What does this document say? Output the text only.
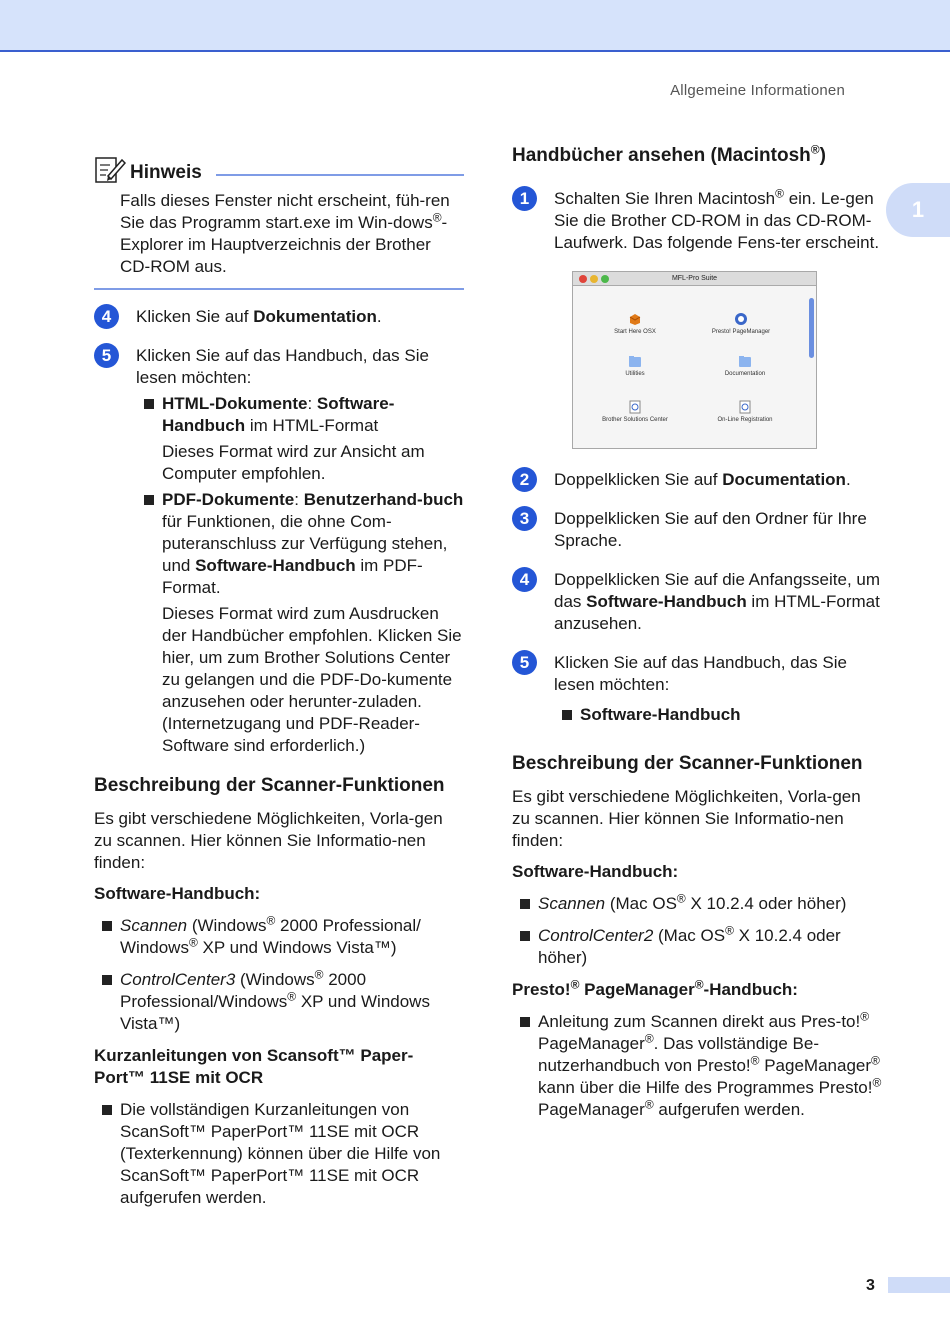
Allgemeine Informationen
1
Hinweis
Falls dieses Fenster nicht erscheint, füh-ren Sie das Programm start.exe im Win-dows®-Explorer im Hauptverzeichnis der Brother CD-ROM aus.
4	Klicken Sie auf Dokumentation.
5	Klicken Sie auf das Handbuch, das Sie lesen möchten:
HTML-Dokumente: Software-Handbuch im HTML-Format
Dieses Format wird zur Ansicht am Computer empfohlen.
PDF-Dokumente: Benutzerhand-buch für Funktionen, die ohne Com-puteranschluss zur Verfügung stehen, und Software-Handbuch im PDF-Format.
Dieses Format wird zum Ausdrucken der Handbücher empfohlen. Klicken Sie hier, um zum Brother Solutions Center zu gelangen und die PDF-Do-kumente anzusehen oder herunter-zuladen. (Internetzugang und PDF-Reader-Software sind erforderlich.)
Beschreibung der Scanner-Funktionen
Es gibt verschiedene Möglichkeiten, Vorla-gen zu scannen. Hier können Sie Informatio-nen finden:
Software-Handbuch:
Scannen (Windows® 2000 Professional/ Windows® XP und Windows Vista™)
ControlCenter3 (Windows® 2000 Professional/Windows® XP und Windows Vista™)
Kurzanleitungen von Scansoft™ Paper-Port™ 11SE mit OCR
Die vollständigen Kurzanleitungen von ScanSoft™ PaperPort™ 11SE mit OCR (Texterkennung) können über die Hilfe von ScanSoft™ PaperPort™ 11SE mit OCR aufgerufen werden.
Handbücher ansehen (Macintosh®)
1	Schalten Sie Ihren Macintosh® ein. Le-gen Sie die Brother CD-ROM in das CD-ROM-Laufwerk. Das folgende Fens-ter erscheint.
MFL-Pro Suite
Start Here OSX	Presto! PageManager
Utilities	Documentation
Brother Solutions Center	On-Line Registration
2	Doppelklicken Sie auf Documentation.
3	Doppelklicken Sie auf den Ordner für Ihre Sprache.
4	Doppelklicken Sie auf die Anfangsseite, um das Software-Handbuch im HTML-Format anzusehen.
5	Klicken Sie auf das Handbuch, das Sie lesen möchten:
Software-Handbuch
Beschreibung der Scanner-Funktionen
Es gibt verschiedene Möglichkeiten, Vorla-gen zu scannen. Hier können Sie Informatio-nen finden:
Software-Handbuch:
Scannen (Mac OS® X 10.2.4 oder höher)
ControlCenter2 (Mac OS® X 10.2.4 oder höher)
Presto!® PageManager®-Handbuch:
Anleitung zum Scannen direkt aus Pres-to!® PageManager®. Das vollständige Be-nutzerhandbuch von Presto!® PageManager® kann über die Hilfe des Programmes Presto!® PageManager® aufgerufen werden.
3
